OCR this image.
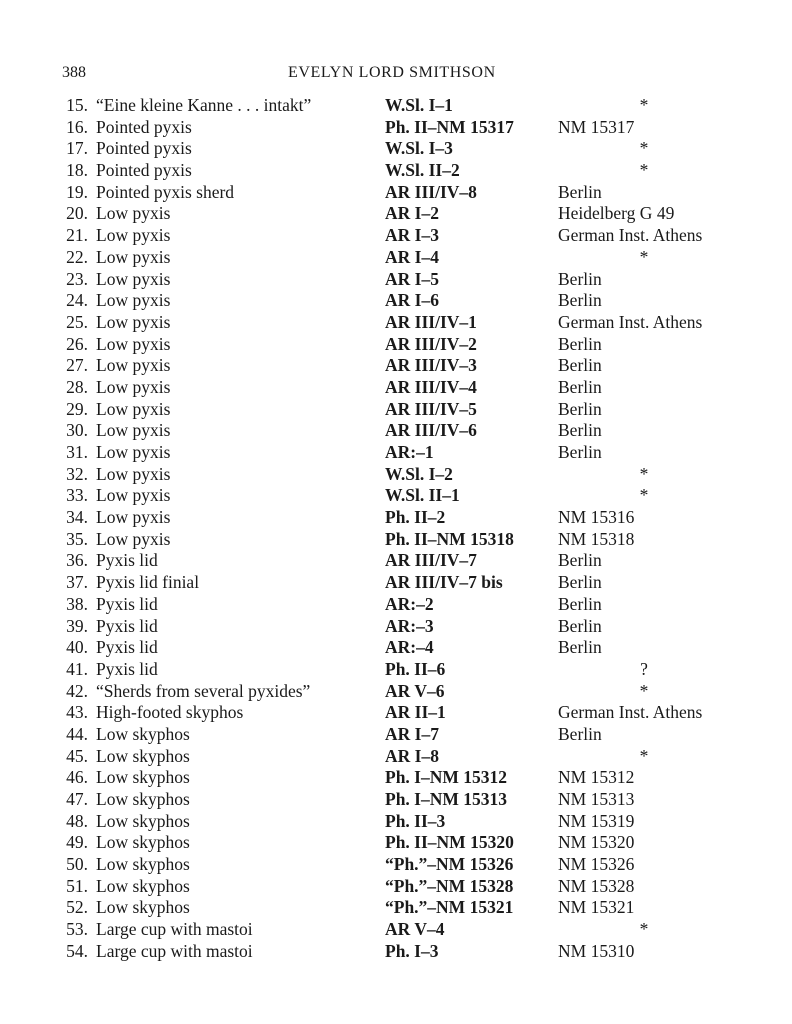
388	EVELYN LORD SMITHSON
15. “Eine kleine Kanne . . . intakt”	W.Sl. I–1	*
16. Pointed pyxis	Ph. II–NM 15317	NM 15317
17. Pointed pyxis	W.Sl. I–3	*
18. Pointed pyxis	W.Sl. II–2	*
19. Pointed pyxis sherd	AR III/IV–8	Berlin
20. Low pyxis	AR I–2	Heidelberg G 49
21. Low pyxis	AR I–3	German Inst. Athens
22. Low pyxis	AR I–4	*
23. Low pyxis	AR I–5	Berlin
24. Low pyxis	AR I–6	Berlin
25. Low pyxis	AR III/IV–1	German Inst. Athens
26. Low pyxis	AR III/IV–2	Berlin
27. Low pyxis	AR III/IV–3	Berlin
28. Low pyxis	AR III/IV–4	Berlin
29. Low pyxis	AR III/IV–5	Berlin
30. Low pyxis	AR III/IV–6	Berlin
31. Low pyxis	AR:–1	Berlin
32. Low pyxis	W.Sl. I–2	*
33. Low pyxis	W.Sl. II–1	*
34. Low pyxis	Ph. II–2	NM 15316
35. Low pyxis	Ph. II–NM 15318	NM 15318
36. Pyxis lid	AR III/IV–7	Berlin
37. Pyxis lid finial	AR III/IV–7 bis	Berlin
38. Pyxis lid	AR:–2	Berlin
39. Pyxis lid	AR:–3	Berlin
40. Pyxis lid	AR:–4	Berlin
41. Pyxis lid	Ph. II–6	?
42. “Sherds from several pyxides”	AR V–6	*
43. High-footed skyphos	AR II–1	German Inst. Athens
44. Low skyphos	AR I–7	Berlin
45. Low skyphos	AR I–8	*
46. Low skyphos	Ph. I–NM 15312	NM 15312
47. Low skyphos	Ph. I–NM 15313	NM 15313
48. Low skyphos	Ph. II–3	NM 15319
49. Low skyphos	Ph. II–NM 15320	NM 15320
50. Low skyphos	“Ph.”–NM 15326	NM 15326
51. Low skyphos	“Ph.”–NM 15328	NM 15328
52. Low skyphos	“Ph.”–NM 15321	NM 15321
53. Large cup with mastoi	AR V–4	*
54. Large cup with mastoi	Ph. I–3	NM 15310
